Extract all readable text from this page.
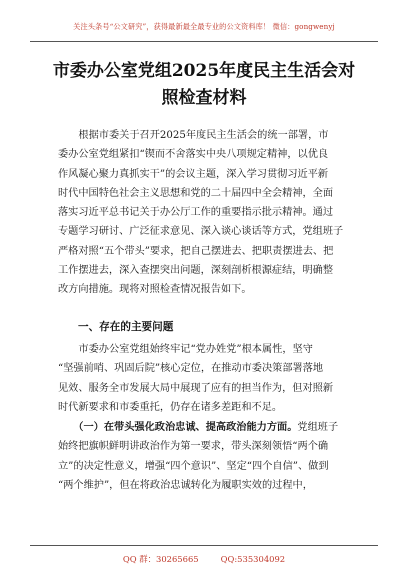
关注头条号“公文研究”，获得最新最全最专业的公文资料库！ 微信：gongwenyj
市委办公室党组2025年度民主生活会对
照检查材料
根据市委关于召开2025年度民主生活会的统一部署，市
委办公室党组紧扣“锲而不舍落实中央八项规定精神，以优良
作风凝心聚力真抓实干”的会议主题，深入学习贯彻习近平新
时代中国特色社会主义思想和党的二十届四中全会精神，全面
落实习近平总书记关于办公厅工作的重要指示批示精神。通过
专题学习研讨、广泛征求意见、深入谈心谈话等方式，党组班子
严格对照“五个带头”要求，把自己摆进去、把职责摆进去、把
工作摆进去，深入查摆突出问题，深刻剖析根源症结，明确整
改方向措施。现将对照检查情况报告如下。
一、存在的主要问题
市委办公室党组始终牢记“党办姓党”根本属性，坚守
“坚强前哨、巩固后院”核心定位，在推动市委决策部署落地
见效、服务全市发展大局中展现了应有的担当作为，但对照新
时代新要求和市委重托，仍存在诸多差距和不足。
　　（一）在带头强化政治忠诚、提高政治能力方面。党组班子
始终把旗帜鲜明讲政治作为第一要求，带头深刻领悟“两个确
立”的决定性意义，增强“四个意识”、坚定“四个自信”、做到
“两个维护”，但在将政治忠诚转化为履职实效的过程中，
QQ 群：30265665	QQ:535304092
